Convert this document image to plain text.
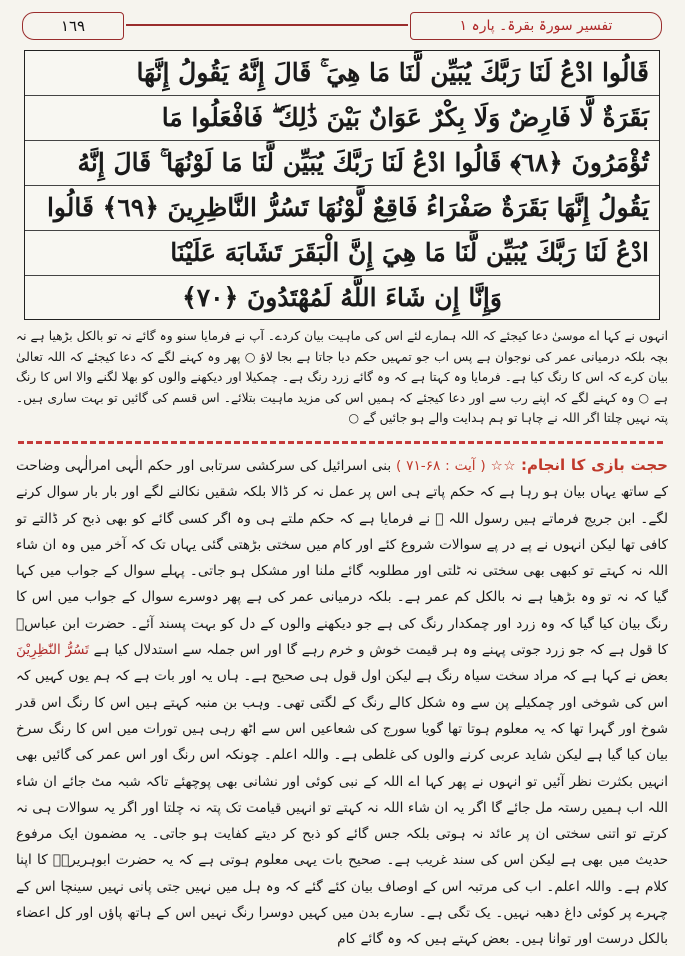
١٦٩	تفسیر سورۃ بقرۃ۔ پارہ ۱
قَالُوا ادْعُ لَنَا رَبَّكَ يُبَيِّن لَّنَا مَا هِيَ ۚ قَالَ إِنَّهُ يَقُولُ إِنَّهَا
بَقَرَةٌ لَّا فَارِضٌ وَلَا بِكْرٌ عَوَانٌ بَيْنَ ذَٰلِكَ ۖ فَافْعَلُوا مَا
تُؤْمَرُونَ ﴿٦٨﴾ قَالُوا ادْعُ لَنَا رَبَّكَ يُبَيِّن لَّنَا مَا لَوْنُهَا ۚ قَالَ إِنَّهُ
يَقُولُ إِنَّهَا بَقَرَةٌ صَفْرَاءُ فَاقِعٌ لَّوْنُهَا تَسُرُّ النَّاظِرِينَ ﴿٦٩﴾ قَالُوا
ادْعُ لَنَا رَبَّكَ يُبَيِّن لَّنَا مَا هِيَ إِنَّ الْبَقَرَ تَشَابَهَ عَلَيْنَا
وَإِنَّا إِن شَاءَ اللَّهُ لَمُهْتَدُونَ ﴿٧٠﴾
انہوں نے کہا اے موسیٰ دعا کیجئے کہ اللہ ہمارے لئے اس کی ماہیت بیان کردے۔ آپ نے فرمایا سنو وہ گائے نہ تو بالکل بڑھیا ہے نہ بچہ بلکہ درمیانی عمر کی نوجوان ہے پس اب جو تمہیں حکم دیا جاتا ہے بجا لاؤ ○ پھر وہ کہنے لگے کہ دعا کیجئے کہ اللہ تعالیٰ بیان کرے کہ اس کا رنگ کیا ہے۔ فرمایا وہ کہتا ہے کہ وہ گائے زرد رنگ ہے۔ چمکیلا اور دیکھنے والوں کو بھلا لگنے والا اس کا رنگ ہے ○ وہ کہنے لگے کہ اپنے رب سے اور دعا کیجئے کہ ہمیں اس کی مزید ماہیت بتلائے۔ اس قسم کی گائیں تو بہت ساری ہیں۔ پتہ نہیں چلتا اگر اللہ نے چاہا تو ہم ہدایت والے ہو جائیں گے ○

حجت بازی کا انجام: ☆☆ ( آیت : ۶۸-۷۱ ) بنی اسرائیل کی سرکشی سرتابی اور حکم الٰہی امرالٰہی وضاحت کے ساتھ یہاں بیان ہو رہا ہے کہ حکم پاتے ہی اس پر عمل نہ کر ڈالا بلکہ شقیں نکالنے لگے اور بار بار سوال کرنے لگے۔ ابن جریج فرماتے ہیں رسول اللہ ﷺ نے فرمایا ہے کہ حکم ملتے ہی وہ اگر کسی گائے کو بھی ذبح کر ڈالتے تو کافی تھا لیکن انہوں نے پے در پے سوالات شروع کئے اور کام میں سختی بڑھتی گئی یہاں تک کہ آخر میں وہ ان شاء اللہ نہ کہتے تو کبھی بھی سختی نہ ٹلتی اور مطلوبہ گائے ملنا اور مشکل ہو جاتی۔ پہلے سوال کے جواب میں کہا گیا کہ نہ تو وہ بڑھیا ہے نہ بالکل کم عمر ہے۔ بلکہ درمیانی عمر کی ہے پھر دوسرے سوال کے جواب میں اس کا رنگ بیان کیا گیا کہ وہ زرد اور چمکدار رنگ کی ہے جو دیکھنے والوں کے دل کو بہت پسند آئے۔ حضرت ابن عباسؓ کا قول ہے کہ جو زرد جوتی پہنے وہ ہر قیمت خوش و خرم رہے گا اور اس جملہ سے استدلال کیا ہے تَسُرُّ النّٰظِرِيْنَ بعض نے کہا ہے کہ مراد سخت سیاہ رنگ ہے لیکن اول قول ہی صحیح ہے۔ ہاں یہ اور بات ہے کہ ہم یوں کہیں کہ اس کی شوخی اور چمکیلے پن سے وہ شکل کالے رنگ کے لگتی تھی۔ وہب بن منبہ کہتے ہیں اس کا رنگ اس قدر شوخ اور گہرا تھا کہ یہ معلوم ہوتا تھا گویا سورج کی شعاعیں اس سے اٹھ رہی ہیں تورات میں اس کا رنگ سرخ بیان کیا گیا ہے لیکن شاید عربی کرنے والوں کی غلطی ہے۔ واللہ اعلم۔ چونکہ اس رنگ اور اس عمر کی گائیں بھی انہیں بکثرت نظر آئیں تو انہوں نے پھر کہا اے اللہ کے نبی کوئی اور نشانی بھی پوچھئے تاکہ شبہ مٹ جائے ان شاء اللہ اب ہمیں رستہ مل جائے گا اگر یہ ان شاء اللہ نہ کہتے تو انہیں قیامت تک پتہ نہ چلتا اور اگر یہ سوالات ہی نہ کرتے تو اتنی سختی ان پر عائد نہ ہوتی بلکہ جس گائے کو ذبح کر دیتے کفایت ہو جاتی۔ یہ مضمون ایک مرفوع حدیث میں بھی ہے لیکن اس کی سند غریب ہے۔ صحیح بات یہی معلوم ہوتی ہے کہ یہ حضرت ابوہریرہؓ کا اپنا کلام ہے۔ واللہ اعلم۔ اب کی مرتبہ اس کے اوصاف بیان کئے گئے کہ وہ ہل میں نہیں جتی پانی نہیں سینچا اس کے چہرے پر کوئی داغ دھبہ نہیں۔ یک تگی ہے۔ سارے بدن میں کہیں دوسرا رنگ نہیں اس کے ہاتھ پاؤں اور کل اعضاء بالکل درست اور توانا ہیں۔ بعض کہتے ہیں کہ وہ گائے کام
